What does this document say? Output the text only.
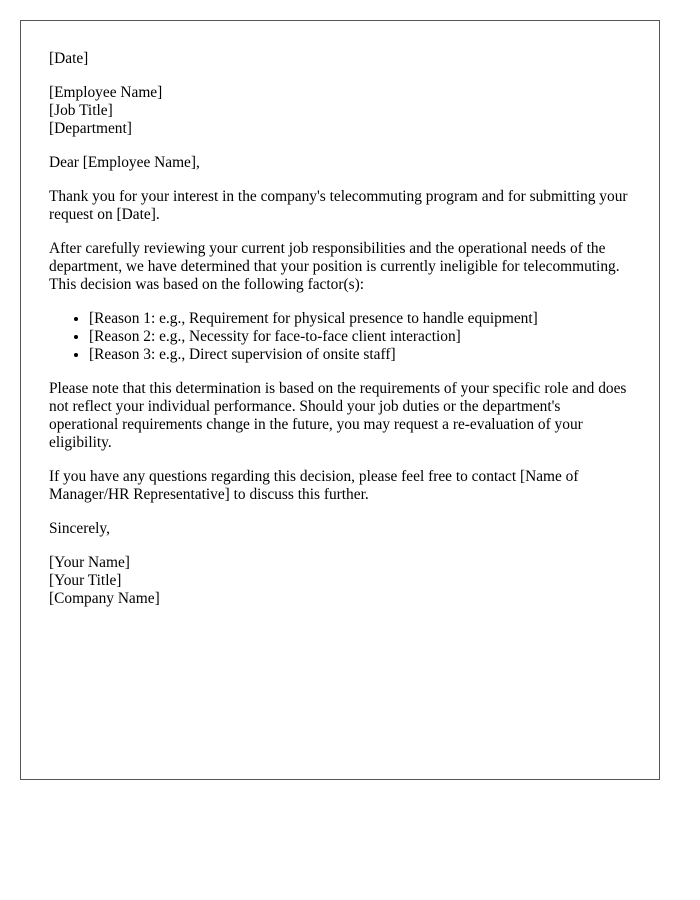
[Date]
[Employee Name]
[Job Title]
[Department]

Dear [Employee Name],

Thank you for your interest in the company's telecommuting program and for submitting your request on [Date].

After carefully reviewing your current job responsibilities and the operational needs of the department, we have determined that your position is currently ineligible for telecommuting. This decision was based on the following factor(s):

• [Reason 1: e.g., Requirement for physical presence to handle equipment]
• [Reason 2: e.g., Necessity for face-to-face client interaction]
• [Reason 3: e.g., Direct supervision of onsite staff]

Please note that this determination is based on the requirements of your specific role and does not reflect your individual performance. Should your job duties or the department's operational requirements change in the future, you may request a re-evaluation of your eligibility.

If you have any questions regarding this decision, please feel free to contact [Name of Manager/HR Representative] to discuss this further.

Sincerely,

[Your Name]
[Your Title]
[Company Name]
